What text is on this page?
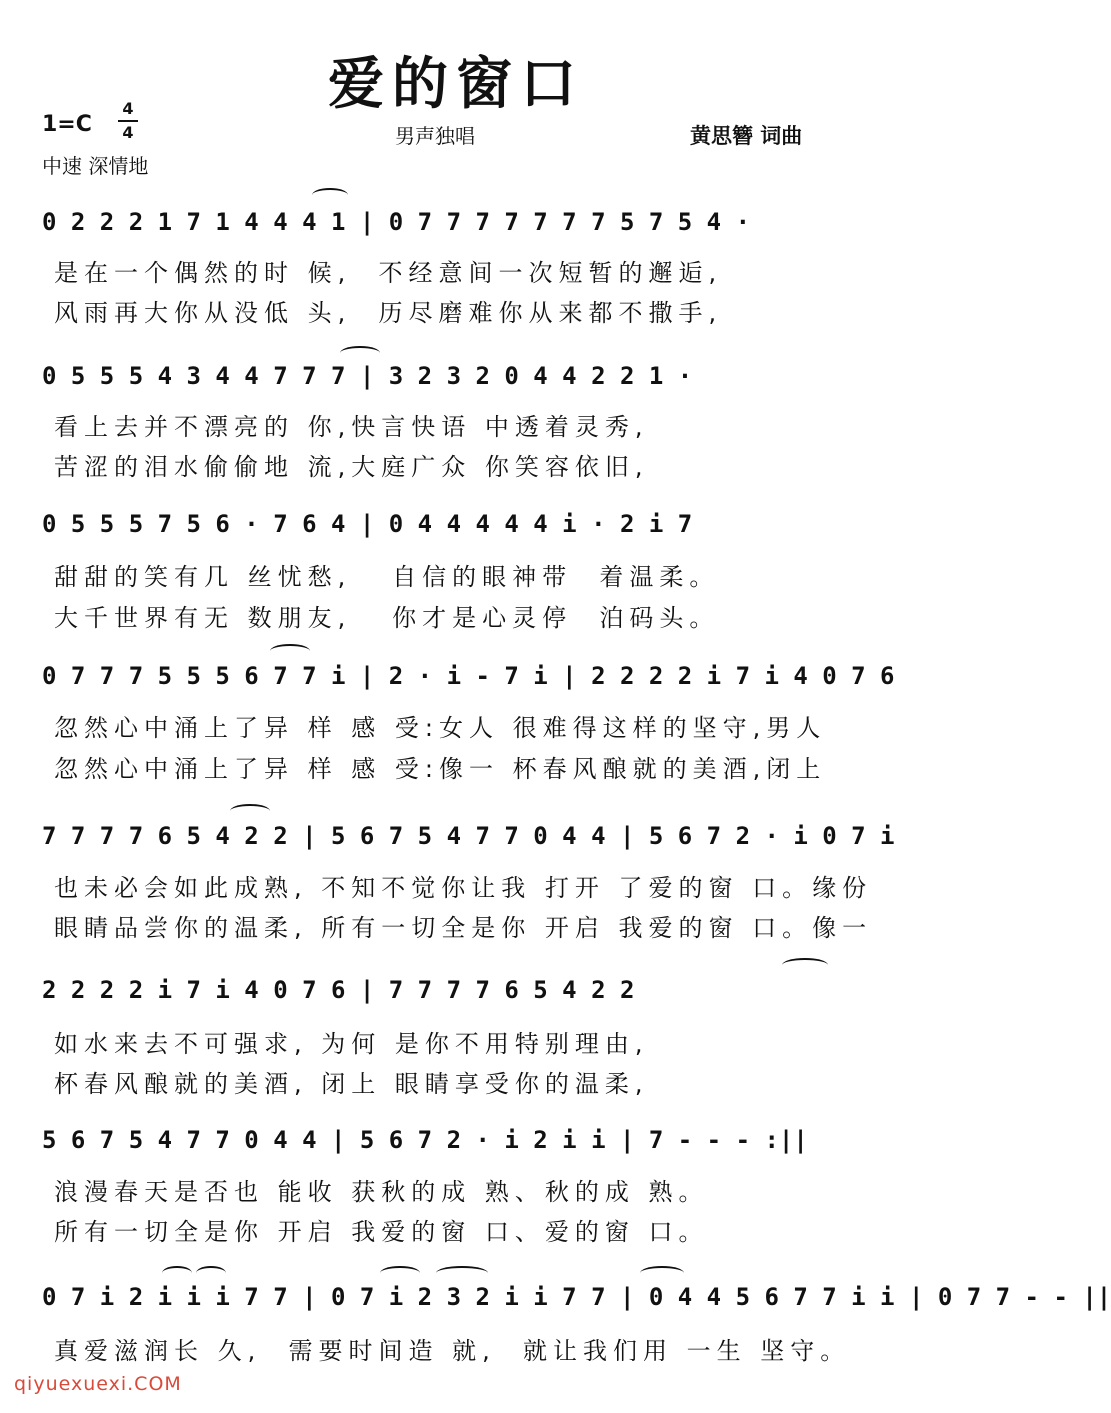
爱的窗口
1=C
4
4	男声独唱	黄思簪 词曲
中速 深情地
0 2 2 2 1 7 1 4 4 4 1 | 0 7 7 7 7 7 7 7 5 7 5 4 ·
是在一个偶然的时 候,  不经意间一次短暂的邂逅,
风雨再大你从没低 头,  历尽磨难你从来都不撒手,
0 5 5 5 4 3 4 4 7 7 7 | 3 2 3 2 0 4 4 2 2 1 ·
看上去并不漂亮的 你,快言快语 中透着灵秀,
苦涩的泪水偷偷地 流,大庭广众 你笑容依旧,
0 5 5 5 7 5 6 · 7 6 4 | 0 4 4 4 4 4 i · 2 i 7
甜甜的笑有几 丝忧愁,   自信的眼神带  着温柔。
大千世界有无 数朋友,   你才是心灵停  泊码头。
0 7 7 7 5 5 5 6 7 7 i | 2 · i - 7 i | 2 2 2 2 i 7 i 4 0 7 6
忽然心中涌上了异 样 感 受:女人 很难得这样的坚守,男人
忽然心中涌上了异 样 感 受:像一 杯春风酿就的美酒,闭上
7 7 7 7 6 5 4 2 2 | 5 6 7 5 4 7 7 0 4 4 | 5 6 7 2 · i 0 7 i
也未必会如此成熟, 不知不觉你让我 打开 了爱的窗 口。缘份
眼睛品尝你的温柔, 所有一切全是你 开启 我爱的窗 口。像一
2 2 2 2 i 7 i 4 0 7 6 | 7 7 7 7 6 5 4 2 2
如水来去不可强求, 为何 是你不用特别理由,
杯春风酿就的美酒, 闭上 眼睛享受你的温柔,
5 6 7 5 4 7 7 0 4 4 | 5 6 7 2 · i 2 i i | 7 - - - :||
浪漫春天是否也 能收 获秋的成 熟、秋的成 熟。
所有一切全是你 开启 我爱的窗 口、爱的窗 口。
0 7 i 2 i i i 7 7 | 0 7 i 2 3 2 i i 7 7 | 0 4 4 5 6 7 7 i i | 0 7 7 - - ||
真爱滋润长 久,  需要时间造 就,  就让我们用 一生 坚守。
qiyuexuexi.COM
